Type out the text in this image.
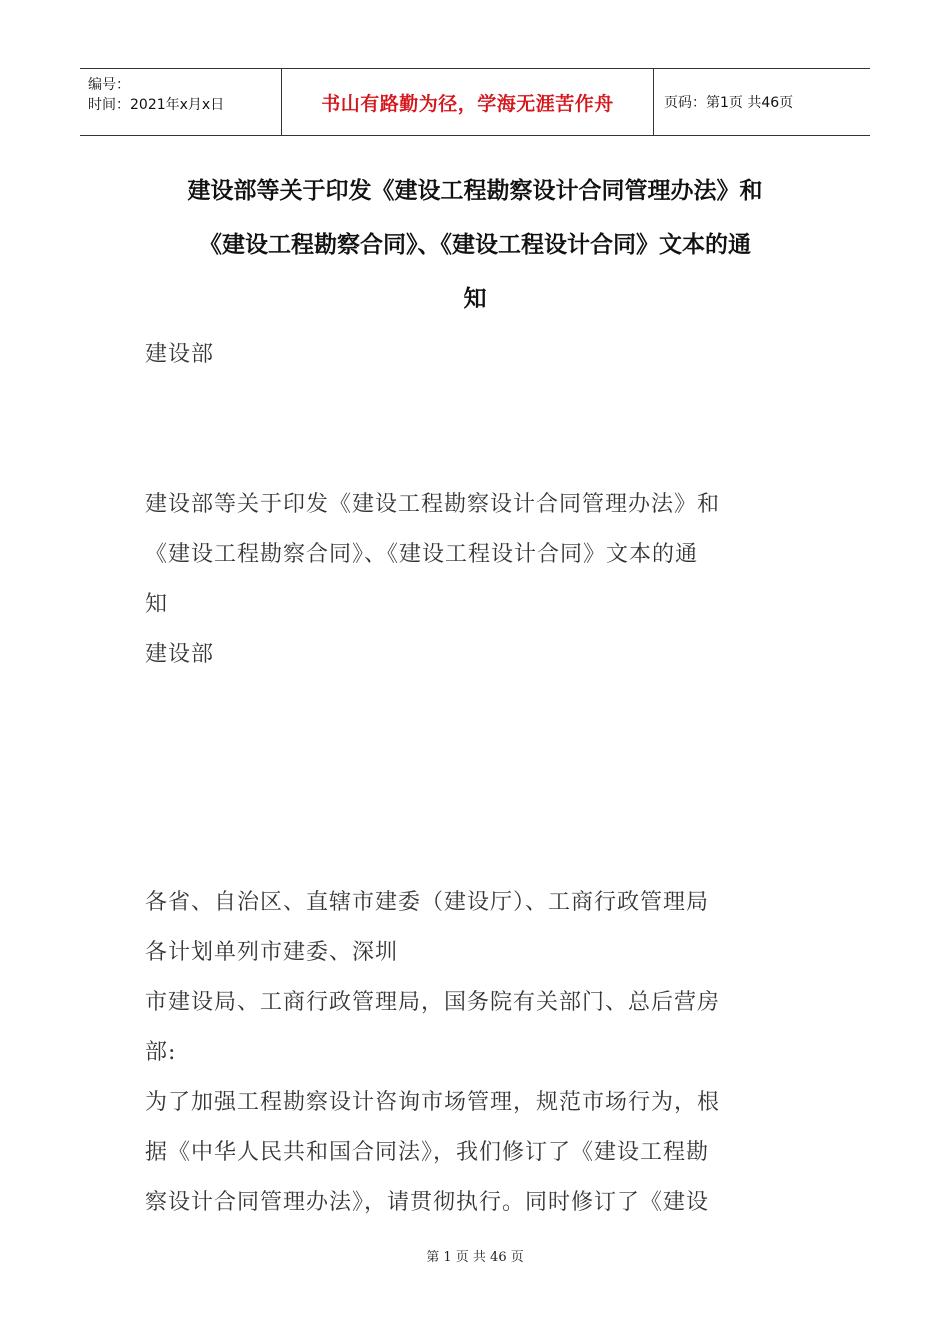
编号：
时间：2021年x月x日	书山有路勤为径，学海无涯苦作舟	页码：第1页 共46页
建设部等关于印发《建设工程勘察设计合同管理办法》和
《建设工程勘察合同》、《建设工程设计合同》文本的通
知
建设部
建设部等关于印发《建设工程勘察设计合同管理办法》和
《建设工程勘察合同》、《建设工程设计合同》文本的通
知
建设部
各省、自治区、直辖市建委（建设厅）、工商行政管理局
各计划单列市建委、深圳
市建设局、工商行政管理局，国务院有关部门、总后营房
部:
为了加强工程勘察设计咨询市场管理，规范市场行为，根
据《中华人民共和国合同法》，我们修订了《建设工程勘
察设计合同管理办法》，请贯彻执行。同时修订了《建设
第 1 页 共 46 页
